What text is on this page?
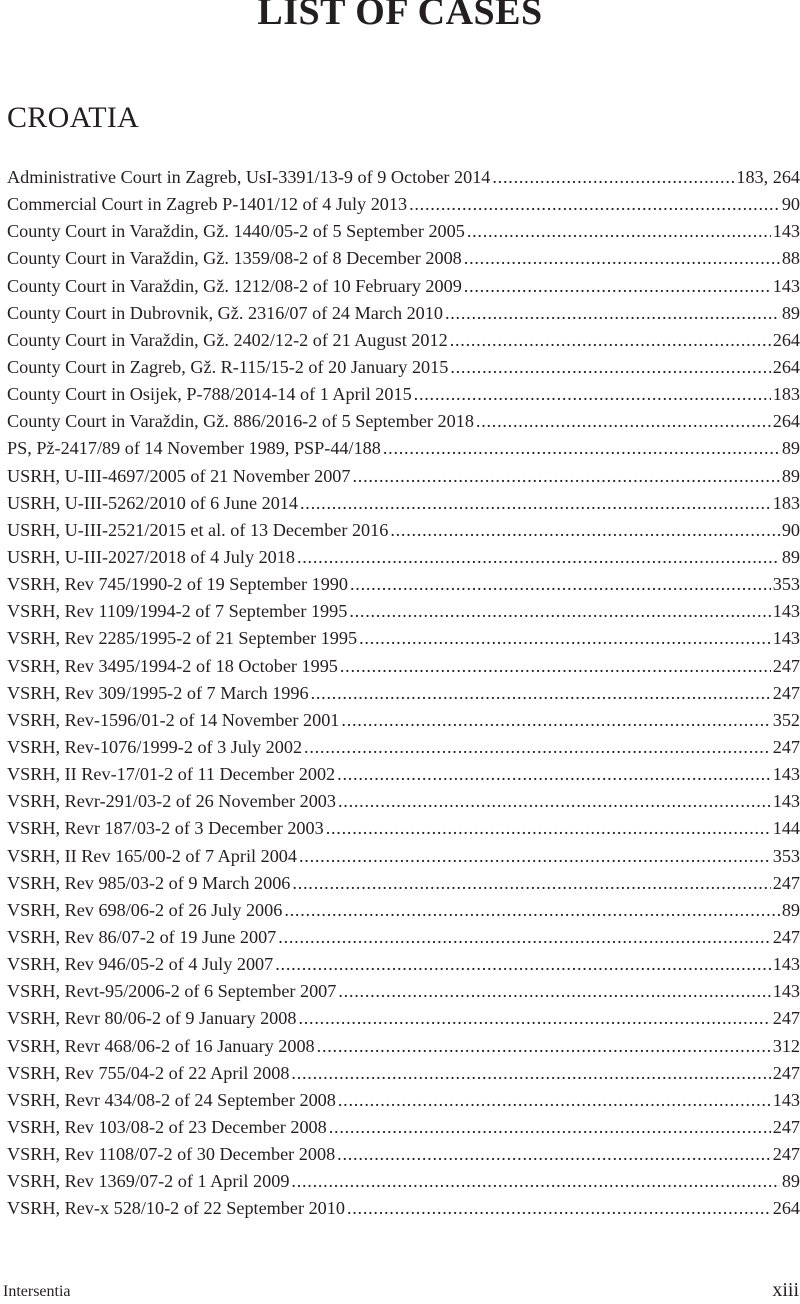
LIST OF CASES
CROATIA
Administrative Court in Zagreb, UsI-3391/13-9 of 9 October 2014 . . .	183, 264
Commercial Court in Zagreb P-1401/12 of 4 July 2013 . . .	90
County Court in Varaždin, Gž. 1440/05-2 of 5 September 2005 . . .	143
County Court in Varaždin, Gž. 1359/08-2 of 8 December 2008 . . .	88
County Court in Varaždin, Gž. 1212/08-2 of 10 February 2009 . . .	143
County Court in Dubrovnik, Gž. 2316/07 of 24 March 2010 . . .	89
County Court in Varaždin, Gž. 2402/12-2 of 21 August 2012 . . .	264
County Court in Zagreb, Gž. R-115/15-2 of 20 January 2015 . . .	264
County Court in Osijek, P-788/2014-14 of 1 April 2015 . . .	183
County Court in Varaždin, Gž. 886/2016-2 of 5 September 2018 . . .	264
PS, Pž-2417/89 of 14 November 1989, PSP-44/188 . . .	89
USRH, U-III-4697/2005 of 21 November 2007 . . .	89
USRH, U-III-5262/2010 of 6 June 2014 . . .	183
USRH, U-III-2521/2015 et al. of 13 December 2016 . . .	90
USRH, U-III-2027/2018 of 4 July 2018 . . .	89
VSRH, Rev 745/1990-2 of 19 September 1990 . . .	353
VSRH, Rev 1109/1994-2 of 7 September 1995 . . .	143
VSRH, Rev 2285/1995-2 of 21 September 1995 . . .	143
VSRH, Rev 3495/1994-2 of 18 October 1995 . . .	247
VSRH, Rev 309/1995-2 of 7 March 1996 . . .	247
VSRH, Rev-1596/01-2 of 14 November 2001 . . .	352
VSRH, Rev-1076/1999-2 of 3 July 2002 . . .	247
VSRH, II Rev-17/01-2 of 11 December 2002 . . .	143
VSRH, Revr-291/03-2 of 26 November 2003 . . .	143
VSRH, Revr 187/03-2 of 3 December 2003 . . .	144
VSRH, II Rev 165/00-2 of 7 April 2004 . . .	353
VSRH, Rev 985/03-2 of 9 March 2006 . . .	247
VSRH, Rev 698/06-2 of 26 July 2006 . . .	89
VSRH, Rev 86/07-2 of 19 June 2007 . . .	247
VSRH, Rev 946/05-2 of 4 July 2007 . . .	143
VSRH, Revt-95/2006-2 of 6 September 2007 . . .	143
VSRH, Revr 80/06-2 of 9 January 2008 . . .	247
VSRH, Revr 468/06-2 of 16 January 2008 . . .	312
VSRH, Rev 755/04-2 of 22 April 2008 . . .	247
VSRH, Revr 434/08-2 of 24 September 2008 . . .	143
VSRH, Rev 103/08-2 of 23 December 2008 . . .	247
VSRH, Rev 1108/07-2 of 30 December 2008 . . .	247
VSRH, Rev 1369/07-2 of 1 April 2009 . . .	89
VSRH, Rev-x 528/10-2 of 22 September 2010 . . .	264
Intersentia	xiii
